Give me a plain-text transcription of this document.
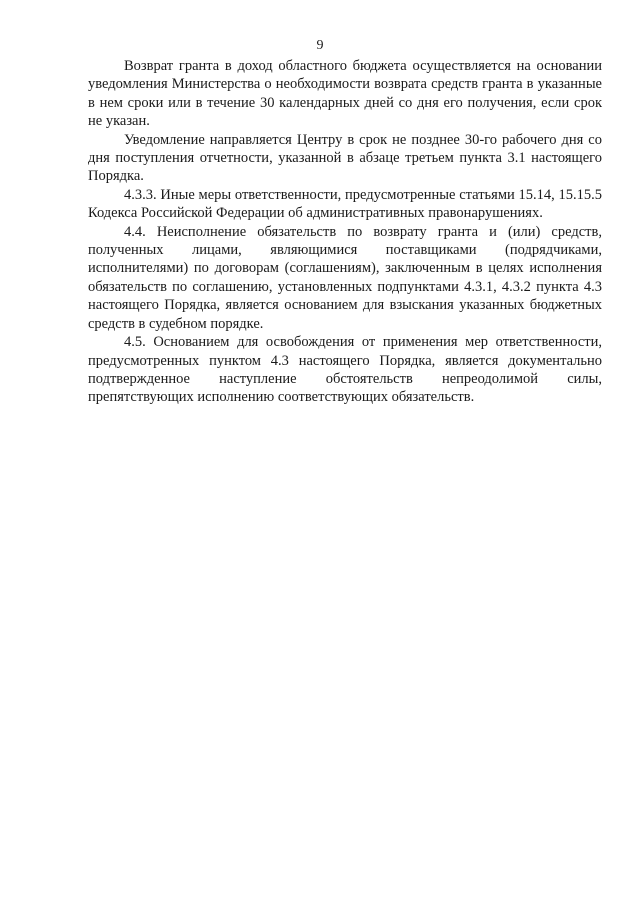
9

Возврат гранта в доход областного бюджета осуществляется на основании уведомления Министерства о необходимости возврата средств гранта в указанные в нем сроки или в течение 30 календарных дней со дня его получения, если срок не указан.

Уведомление направляется Центру в срок не позднее 30-го рабочего дня со дня поступления отчетности, указанной в абзаце третьем пункта 3.1 настоящего Порядка.

4.3.3. Иные меры ответственности, предусмотренные статьями 15.14, 15.15.5 Кодекса Российской Федерации об административных правонарушениях.

4.4. Неисполнение обязательств по возврату гранта и (или) средств, полученных лицами, являющимися поставщиками (подрядчиками, исполнителями) по договорам (соглашениям), заключенным в целях исполнения обязательств по соглашению, установленных подпунктами 4.3.1, 4.3.2 пункта 4.3 настоящего Порядка, является основанием для взыскания указанных бюджетных средств в судебном порядке.

4.5. Основанием для освобождения от применения мер ответственности, предусмотренных пунктом 4.3 настоящего Порядка, является документально подтвержденное наступление обстоятельств непреодолимой силы, препятствующих исполнению соответствующих обязательств.
